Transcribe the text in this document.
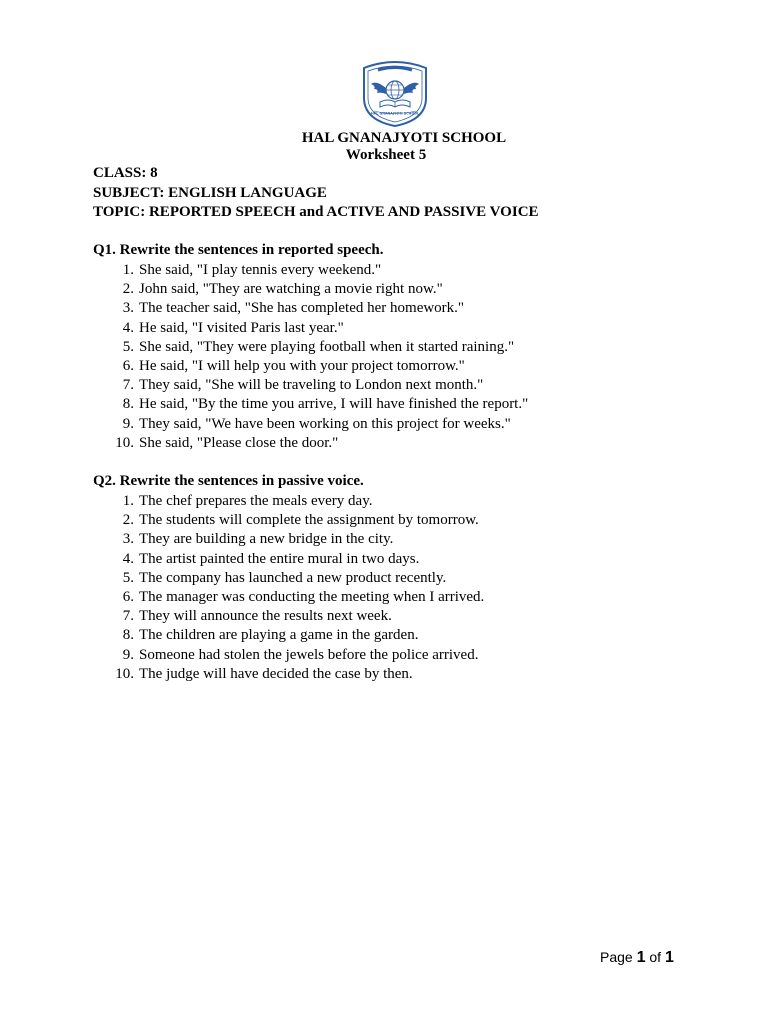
HAL GNANAJYOTI SCHOOL
HAL GNANAJYOTI SCHOOL
Worksheet 5
CLASS: 8
SUBJECT: ENGLISH LANGUAGE
TOPIC: REPORTED SPEECH and ACTIVE AND PASSIVE VOICE
Q1. Rewrite the sentences in reported speech.
1. She said, "I play tennis every weekend."
2. John said, "They are watching a movie right now."
3. The teacher said, "She has completed her homework."
4. He said, "I visited Paris last year."
5. She said, "They were playing football when it started raining."
6. He said, "I will help you with your project tomorrow."
7. They said, "She will be traveling to London next month."
8. He said, "By the time you arrive, I will have finished the report."
9. They said, "We have been working on this project for weeks."
10. She said, "Please close the door."
Q2. Rewrite the sentences in passive voice.
1. The chef prepares the meals every day.
2. The students will complete the assignment by tomorrow.
3. They are building a new bridge in the city.
4. The artist painted the entire mural in two days.
5. The company has launched a new product recently.
6. The manager was conducting the meeting when I arrived.
7. They will announce the results next week.
8. The children are playing a game in the garden.
9. Someone had stolen the jewels before the police arrived.
10. The judge will have decided the case by then.
Page 1 of 1
